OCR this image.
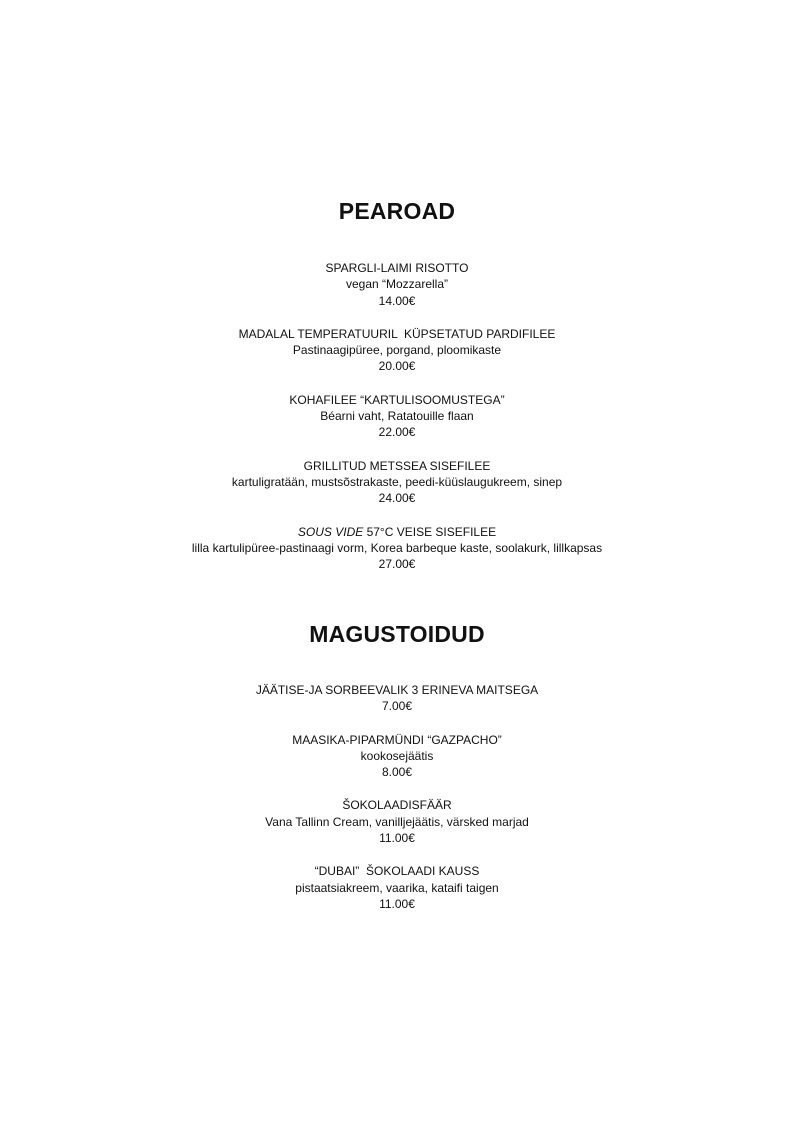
PEAROAD
SPARGLI-LAIMI RISOTTO
vegan “Mozzarella”
14.00€
MADALAL TEMPERATUURIL  KÜPSETATUD PARDIFILEE
Pastinaagipüree, porgand, ploomikaste
20.00€
KOHAFILEE “KARTULISOOMUSTEGA”
Béarni vaht, Ratatouille flaan
22.00€
GRILLITUD METSSEA SISEFILEE
kartuligratään, mustsõstrakaste, peedi-küüslaugukreem, sinep
24.00€
SOUS VIDE 57°C VEISE SISEFILEE
lilla kartulipüree-pastinaagi vorm, Korea barbeque kaste, soolakurk, lillkapsas
27.00€
MAGUSTOIDUD
JÄÄTISE-JA SORBEEVALIK 3 ERINEVA MAITSEGA
7.00€
MAASIKA-PIPARMÜNDI “GAZPACHO”
kookosejäätis
8.00€
ŠOKOLAADISFÄÄR
Vana Tallinn Cream, vanilljejäätis, värsked marjad
11.00€
“DUBAI”  ŠOKOLAADI KAUSS
pistaatsiakreem, vaarika, kataifi taigen
11.00€
